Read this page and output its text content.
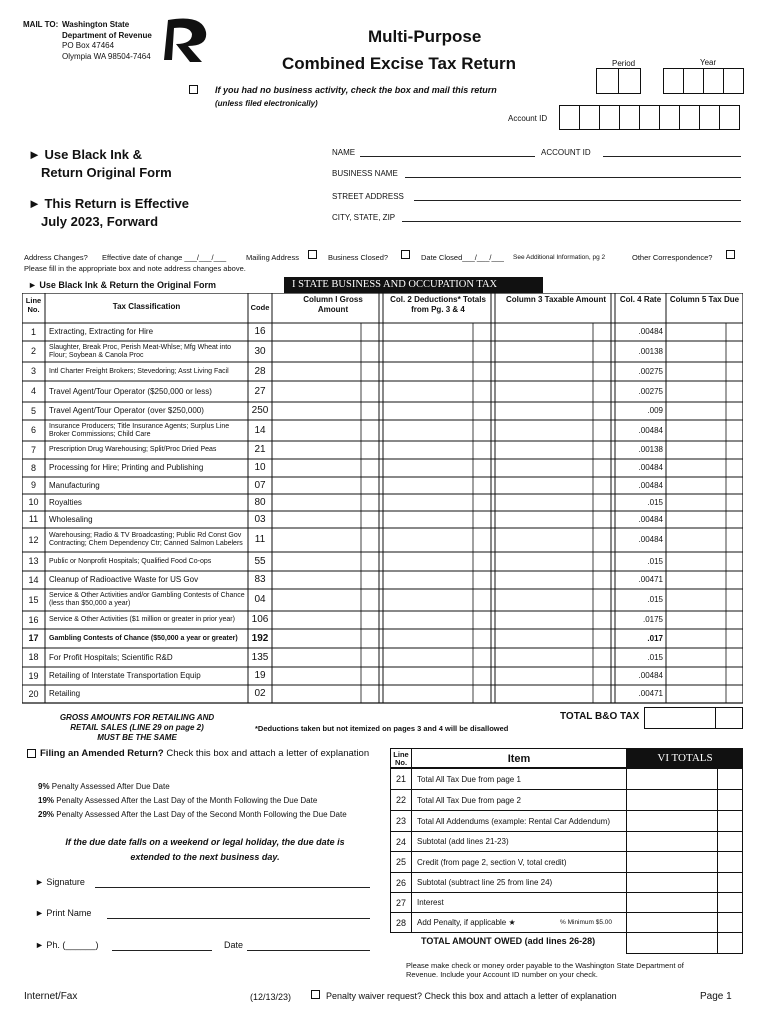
MAIL TO: Washington State
Department of Revenue
PO Box 47464
Olympia WA 98504-7464
Multi-Purpose
Combined Excise Tax Return	Period	Year
If you had no business activity, check the box and mail this return
(unless filed electronically)
Account ID
► Use Black Ink &
Return Original Form
► This Return is Effective
July 2023, Forward
NAME	ACCOUNT ID
BUSINESS NAME
STREET ADDRESS
CITY, STATE, ZIP
Address Changes? Effective date of change ___/___/___	Mailing Address	Business Closed?	Date Closed___/___/___ See Additional Information, pg 2	Other Correspondence?
Please fill in the appropriate box and note address changes above.
► Use Black Ink & Return the Original Form	I STATE BUSINESS AND OCCUPATION TAX
Line No.	Tax Classification	Code
Column I Gross Amount
Col. 2 Deductions* Totals from Pg. 3 & 4
Column 3 Taxable Amount	Col. 4 Rate	Column 5 Tax Due
1	Extracting, Extracting for Hire	16	.00484
2	Slaughter, Break Proc, Perish Meat-Whlse; Mfg Wheat into Flour; Soybean & Canola Proc	30	.00138
3	Intl Charter Freight Brokers; Stevedoring; Asst Living Facil	28	.00275
4	Travel Agent/Tour Operator ($250,000 or less)	27	.00275
5	Travel Agent/Tour Operator (over $250,000)	250	.009
6	Insurance Producers; Title Insurance Agents; Surplus Line Broker Commissions; Child Care	14	.00484
7	Prescription Drug Warehousing; Split/Proc Dried Peas	21	.00138
8	Processing for Hire; Printing and Publishing	10	.00484
9	Manufacturing	07	.00484
10	Royalties	80	.015
11	Wholesaling	03	.00484
12	Warehousing; Radio & TV Broadcasting; Public Rd Const Gov Contracting; Chem Dependency Ctr; Canned Salmon Labelers	11	.00484
13	Public or Nonprofit Hospitals; Qualified Food Co-ops	55	.015
14	Cleanup of Radioactive Waste for US Gov	83	.00471
15	Service & Other Activities and/or Gambling Contests of Chance (less than $50,000 a year)	04	.015
16	Service & Other Activities ($1 million or greater in prior year)	106	.0175
17	Gambling Contests of Chance ($50,000 a year or greater)	192	.017
18	For Profit Hospitals; Scientific R&D	135	.015
19	Retailing of Interstate Transportation Equip	19	.00484
20	Retailing	02	.00471
GROSS AMOUNTS FOR RETAILING AND
RETAIL SALES (LINE 29 on page 2)
MUST BE THE SAME
*Deductions taken but not itemized on pages 3 and 4 will be disallowed
TOTAL B&O TAX
Filing an Amended Return? Check this box and attach a letter of explanation
9% Penalty Assessed After Due Date
19% Penalty Assessed After the Last Day of the Month Following the Due Date
29% Penalty Assessed After the Last Day of the Second Month Following the Due Date
If the due date falls on a weekend or legal holiday, the due date is
extended to the next business day.
► Signature
► Print Name
► Ph. (______)	Date
Line No.	Item	VI TOTALS
21	Total All Tax Due from page 1
22	Total All Tax Due from page 2
23	Total All Addendums (example: Rental Car Addendum)
24	Subtotal (add lines 21-23)
25	Credit (from page 2, section V, total credit)
26	Subtotal (subtract line 25 from line 24)
27	Interest
28	Add Penalty, if applicable ★	% Minimum $5.00
TOTAL AMOUNT OWED (add lines 26-28)
Please make check or money order payable to the Washington State Department of
Revenue. Include your Account ID number on your check.
Internet/Fax	(12/13/23)	Penalty waiver request? Check this box and attach a letter of explanation	Page 1
